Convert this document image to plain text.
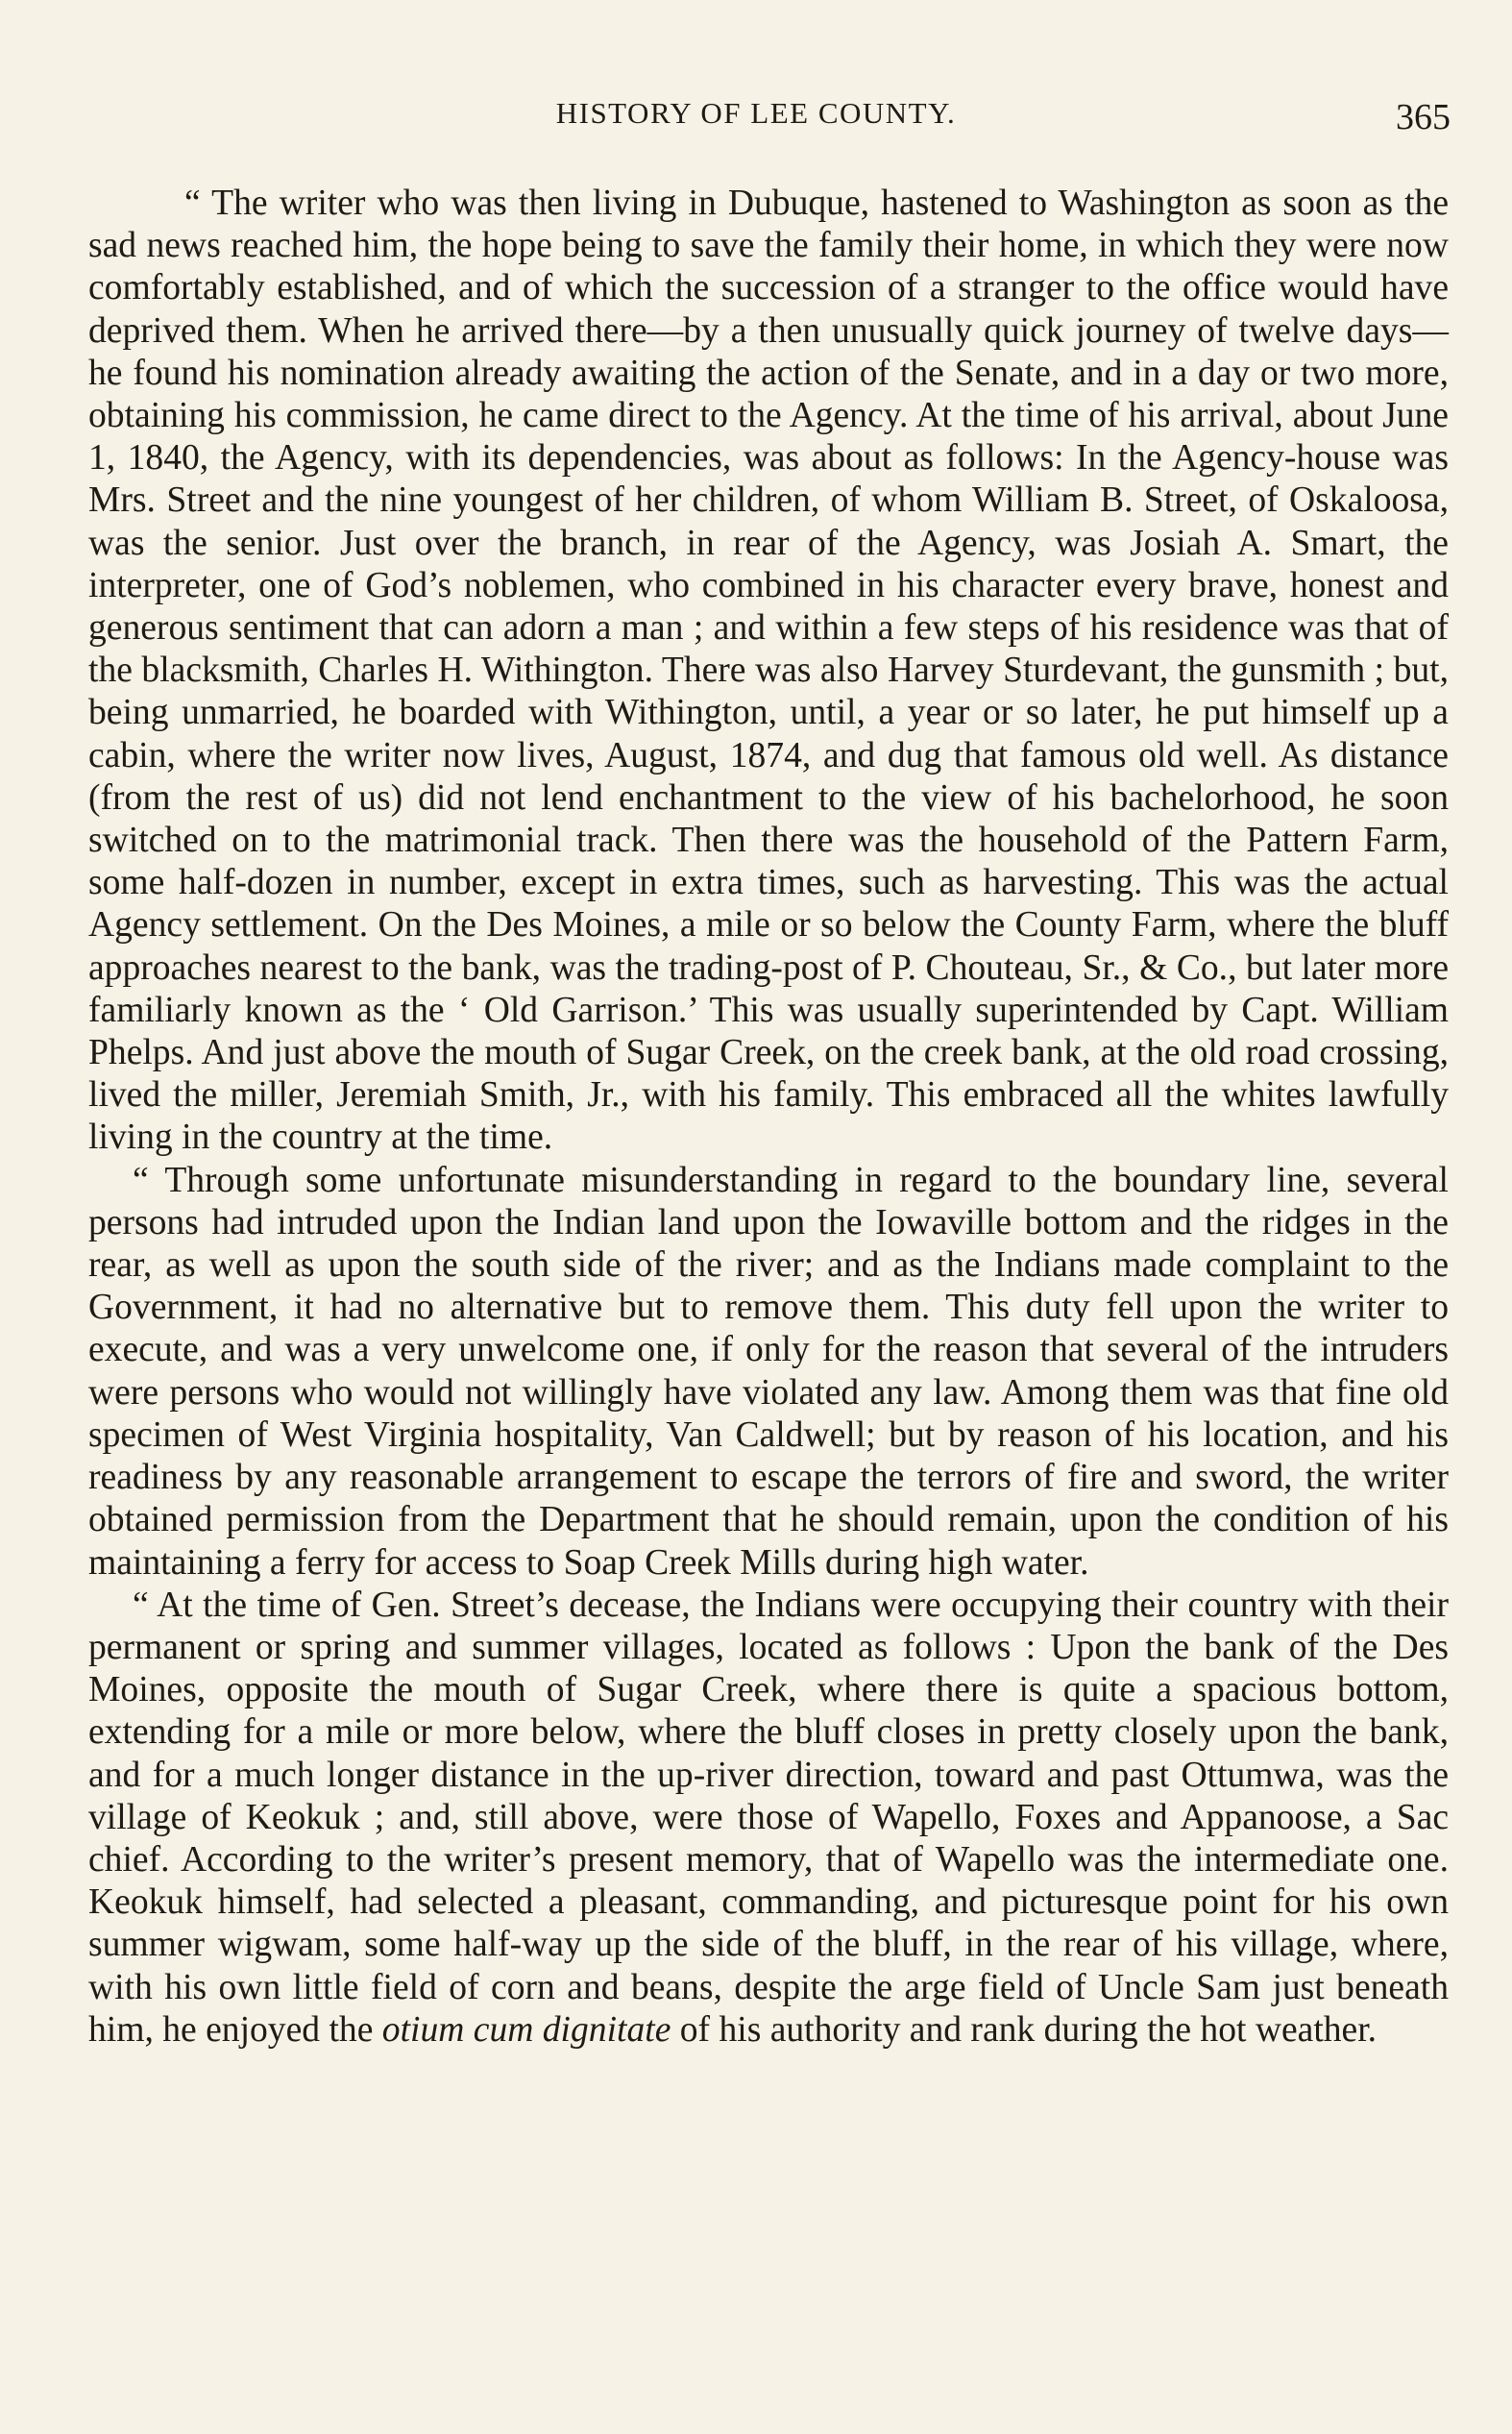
HISTORY OF LEE COUNTY.	365

“ The writer who was then living in Dubuque, hastened to Washington as soon as the sad news reached him, the hope being to save the family their home, in which they were now comfortably established, and of which the succession of a stranger to the office would have deprived them. When he arrived there—by a then unusually quick journey of twelve days—he found his nomination already awaiting the action of the Senate, and in a day or two more, obtaining his commission, he came direct to the Agency. At the time of his arrival, about June 1, 1840, the Agency, with its dependencies, was about as follows: In the Agency-house was Mrs. Street and the nine youngest of her children, of whom William B. Street, of Oskaloosa, was the senior. Just over the branch, in rear of the Agency, was Josiah A. Smart, the interpreter, one of God’s noblemen, who combined in his character every brave, honest and generous sentiment that can adorn a man ; and within a few steps of his residence was that of the blacksmith, Charles H. Withington. There was also Harvey Sturdevant, the gunsmith ; but, being unmarried, he boarded with Withington, until, a year or so later, he put himself up a cabin, where the writer now lives, August, 1874, and dug that famous old well. As distance (from the rest of us) did not lend enchantment to the view of his bachelorhood, he soon switched on to the matrimonial track. Then there was the household of the Pattern Farm, some half-dozen in number, except in extra times, such as harvesting. This was the actual Agency settlement. On the Des Moines, a mile or so below the County Farm, where the bluff approaches nearest to the bank, was the trading-post of P. Chouteau, Sr., & Co., but later more familiarly known as the ‘ Old Garrison.’ This was usually superintended by Capt. William Phelps. And just above the mouth of Sugar Creek, on the creek bank, at the old road crossing, lived the miller, Jeremiah Smith, Jr., with his family. This embraced all the whites lawfully living in the country at the time.

“ Through some unfortunate misunderstanding in regard to the boundary line, several persons had intruded upon the Indian land upon the Iowaville bottom and the ridges in the rear, as well as upon the south side of the river; and as the Indians made complaint to the Government, it had no alternative but to remove them. This duty fell upon the writer to execute, and was a very unwelcome one, if only for the reason that several of the intruders were persons who would not willingly have violated any law. Among them was that fine old specimen of West Virginia hospitality, Van Caldwell; but by reason of his location, and his readiness by any reasonable arrangement to escape the terrors of fire and sword, the writer obtained permission from the Department that he should remain, upon the condition of his maintaining a ferry for access to Soap Creek Mills during high water.

“ At the time of Gen. Street’s decease, the Indians were occupying their country with their permanent or spring and summer villages, located as follows : Upon the bank of the Des Moines, opposite the mouth of Sugar Creek, where there is quite a spacious bottom, extending for a mile or more below, where the bluff closes in pretty closely upon the bank, and for a much longer distance in the up-river direction, toward and past Ottumwa, was the village of Keokuk ; and, still above, were those of Wapello, Foxes and Appanoose, a Sac chief. According to the writer’s present memory, that of Wapello was the intermediate one. Keokuk himself, had selected a pleasant, commanding, and picturesque point for his own summer wigwam, some half-way up the side of the bluff, in the rear of his village, where, with his own little field of corn and beans, despite the arge field of Uncle Sam just beneath him, he enjoyed the otium cum dignitate of his authority and rank during the hot weather.
